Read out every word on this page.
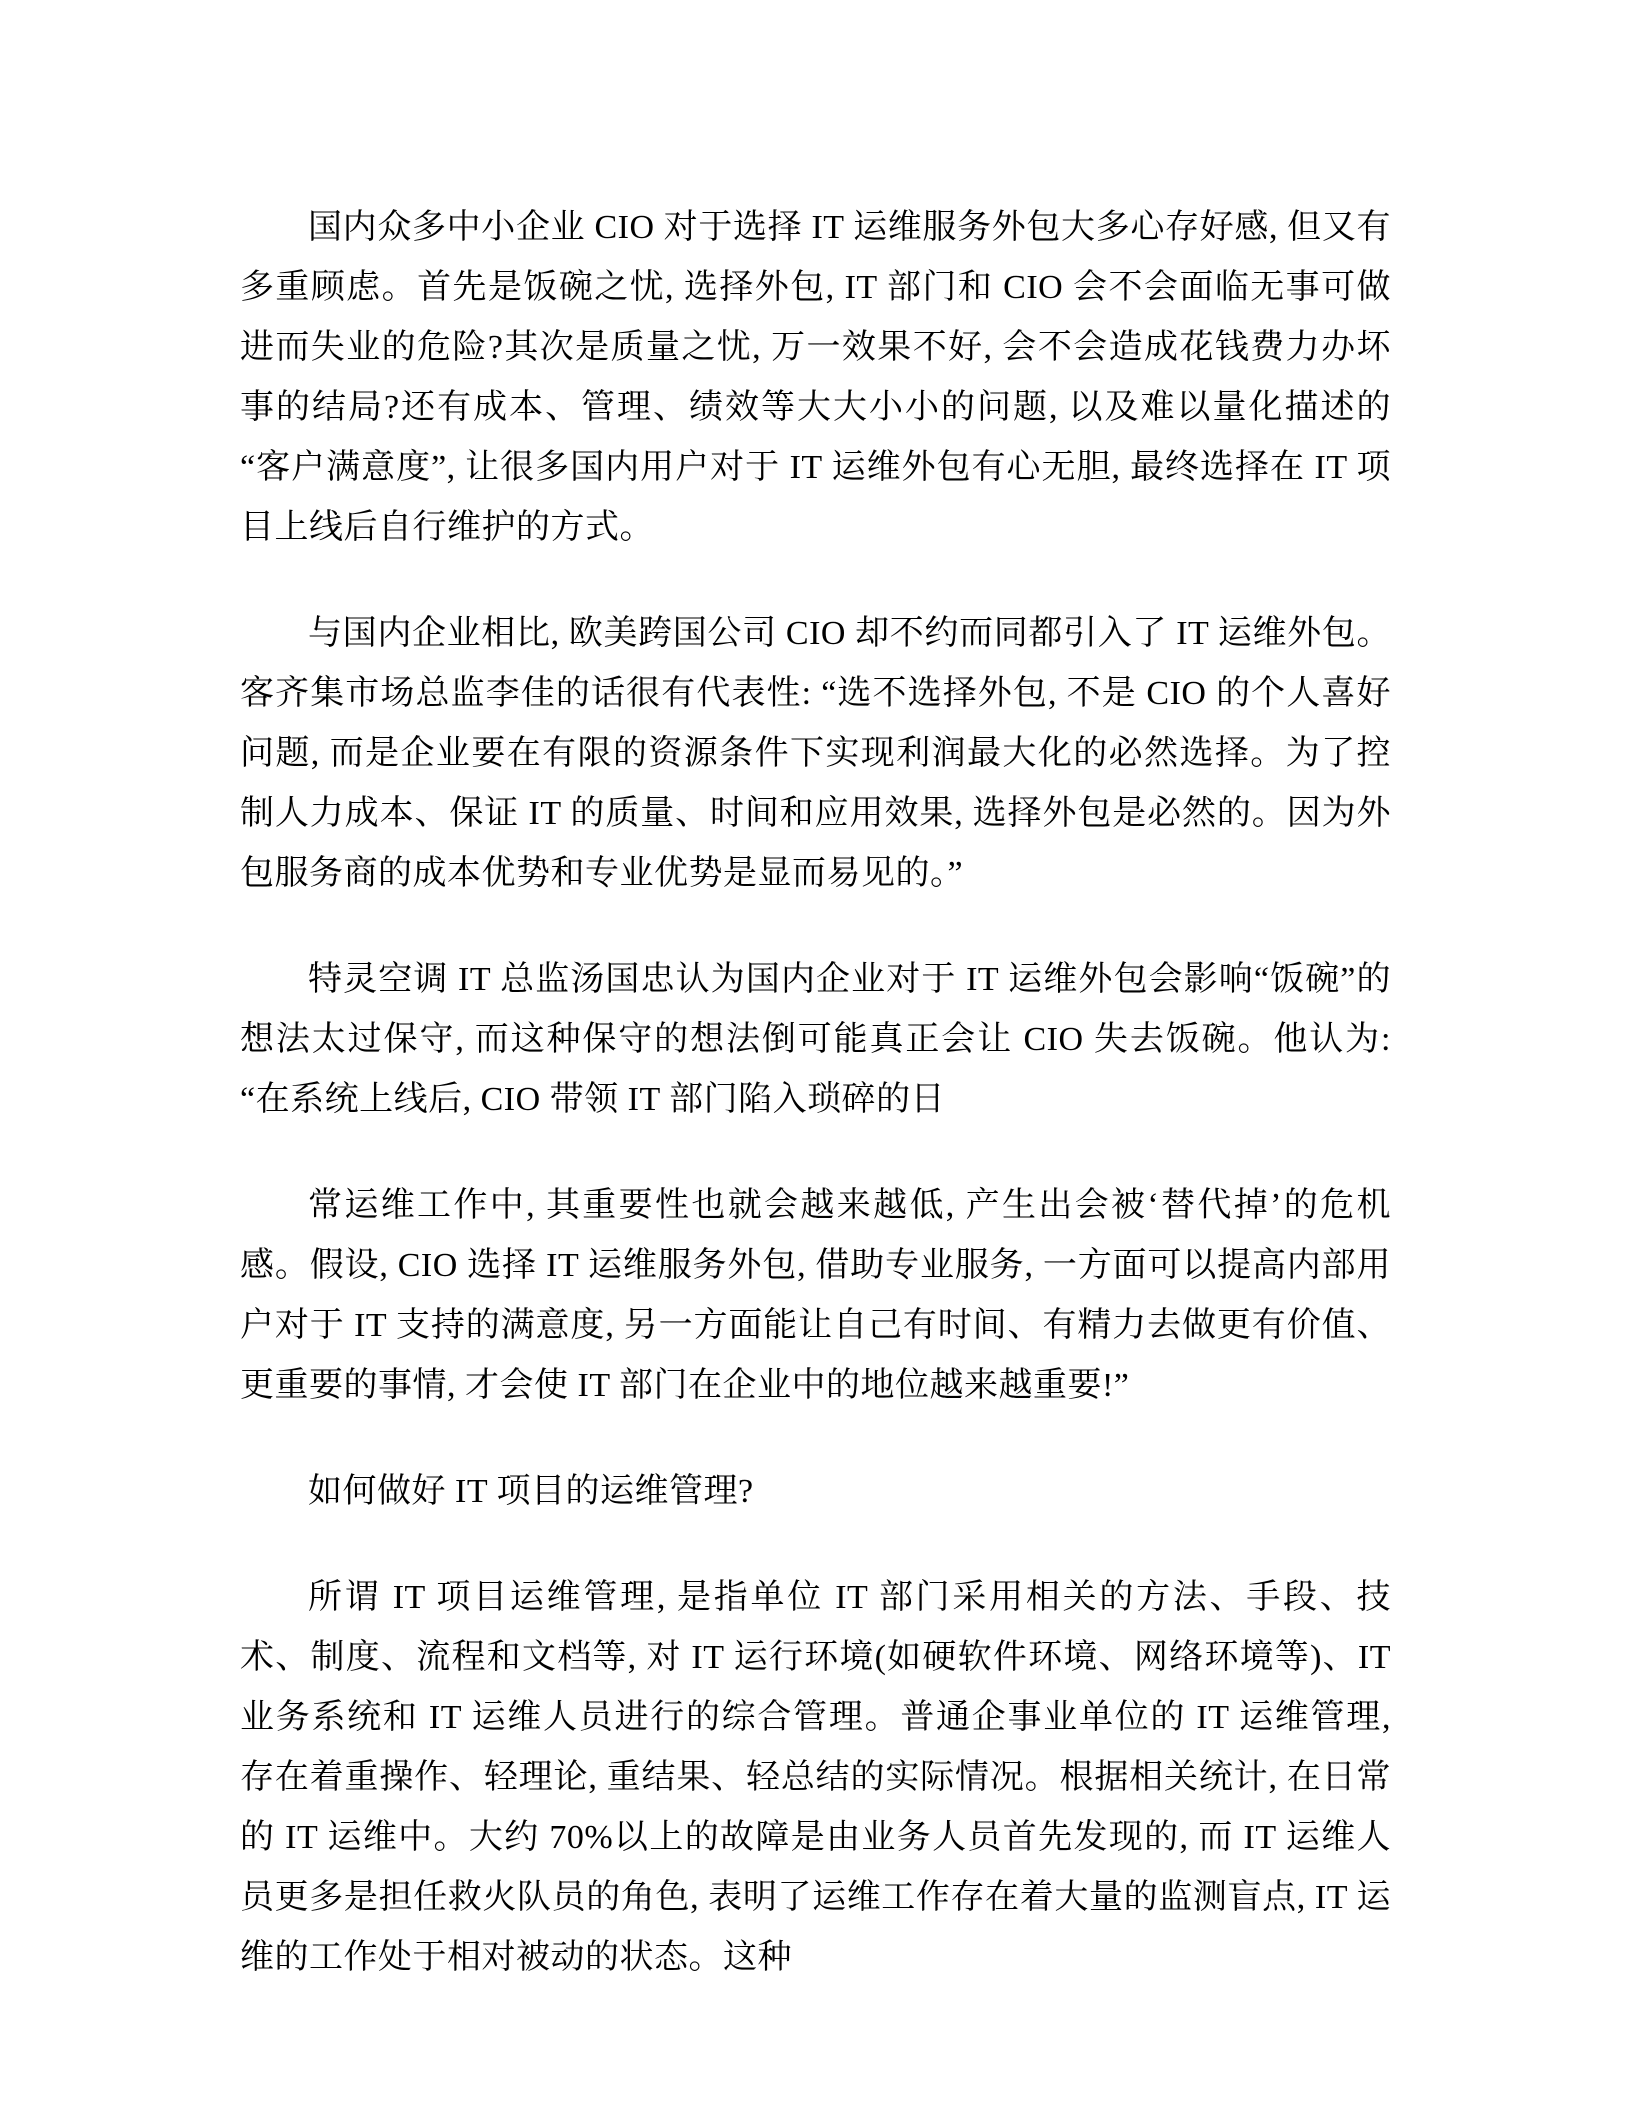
国内众多中小企业 CIO 对于选择 IT 运维服务外包大多心存好感, 但又有多重顾虑。首先是饭碗之忧, 选择外包, IT 部门和 CIO 会不会面临无事可做进而失业的危险?其次是质量之忧, 万一效果不好, 会不会造成花钱费力办坏事的结局?还有成本、管理、绩效等大大小小的问题, 以及难以量化描述的“客户满意度”, 让很多国内用户对于 IT 运维外包有心无胆, 最终选择在 IT 项目上线后自行维护的方式。

与国内企业相比, 欧美跨国公司 CIO 却不约而同都引入了 IT 运维外包。客齐集市场总监李佳的话很有代表性: “选不选择外包, 不是 CIO 的个人喜好问题, 而是企业要在有限的资源条件下实现利润最大化的必然选择。为了控制人力成本、保证 IT 的质量、时间和应用效果, 选择外包是必然的。因为外包服务商的成本优势和专业优势是显而易见的。”

特灵空调 IT 总监汤国忠认为国内企业对于 IT 运维外包会影响“饭碗”的想法太过保守, 而这种保守的想法倒可能真正会让 CIO 失去饭碗。他认为: “在系统上线后, CIO 带领 IT 部门陷入琐碎的日

常运维工作中, 其重要性也就会越来越低, 产生出会被‘替代掉’的危机感。假设, CIO 选择 IT 运维服务外包, 借助专业服务, 一方面可以提高内部用户对于 IT 支持的满意度, 另一方面能让自己有时间、有精力去做更有价值、更重要的事情, 才会使 IT 部门在企业中的地位越来越重要!”

如何做好 IT 项目的运维管理?

所谓 IT 项目运维管理, 是指单位 IT 部门采用相关的方法、手段、技术、制度、流程和文档等, 对 IT 运行环境(如硬软件环境、网络环境等)、IT 业务系统和 IT 运维人员进行的综合管理。普通企事业单位的 IT 运维管理, 存在着重操作、轻理论, 重结果、轻总结的实际情况。根据相关统计, 在日常的 IT 运维中。大约 70%以上的故障是由业务人员首先发现的, 而 IT 运维人员更多是担任救火队员的角色, 表明了运维工作存在着大量的监测盲点, IT 运维的工作处于相对被动的状态。这种
